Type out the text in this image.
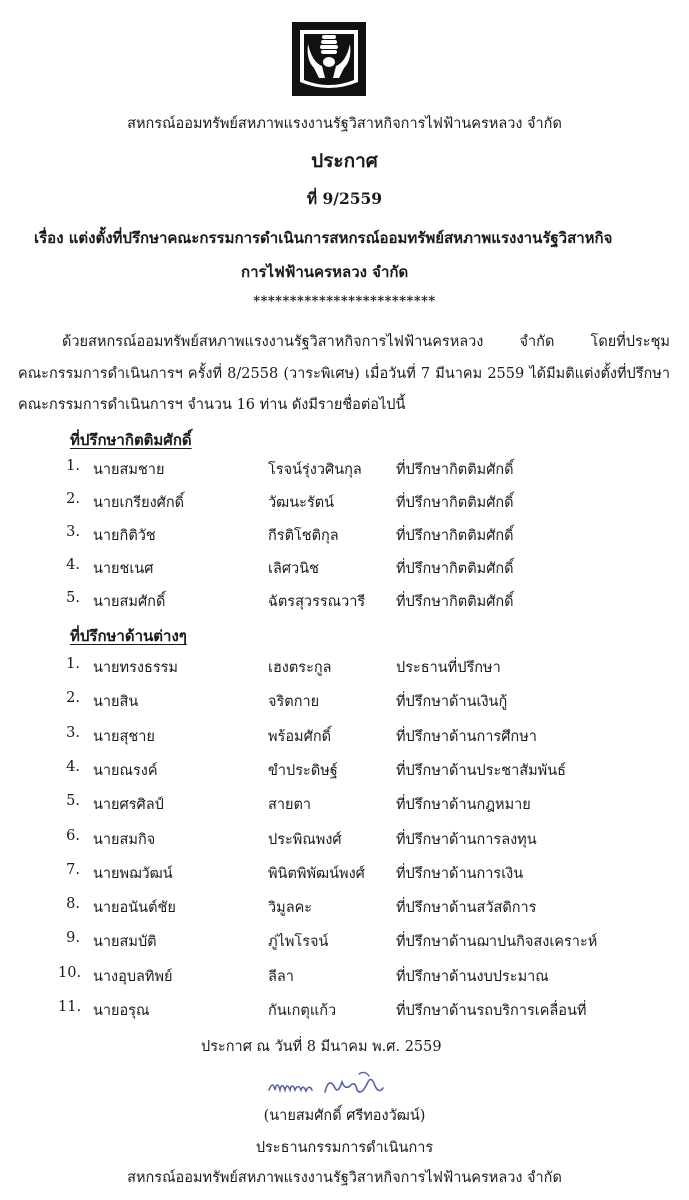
สหกรณ์ออมทรัพย์สหภาพแรงงานรัฐวิสาหกิจการไฟฟ้านครหลวง จำกัด
ประกาศ
ที่ 9/2559
เรื่อง แต่งตั้งที่ปรึกษาคณะกรรมการดำเนินการสหกรณ์ออมทรัพย์สหภาพแรงงานรัฐวิสาหกิจ
การไฟฟ้านครหลวง จำกัด
*************************
ด้วยสหกรณ์ออมทรัพย์สหภาพแรงงานรัฐวิสาหกิจการไฟฟ้านครหลวง จำกัด โดยที่ประชุม
คณะกรรมการดำเนินการฯ ครั้งที่ 8/2558 (วาระพิเศษ) เมื่อวันที่ 7 มีนาคม 2559 ได้มีมติแต่งตั้งที่ปรึกษา
คณะกรรมการดำเนินการฯ จำนวน 16 ท่าน ดังมีรายชื่อต่อไปนี้
ที่ปรึกษากิตติมศักดิ์
1. นายสมชาย	โรจน์รุ่งวศินกุล ที่ปรึกษากิตติมศักดิ์
2. นายเกรียงศักดิ์	วัฒนะรัตน์	ที่ปรึกษากิตติมศักดิ์
3. นายกิติวัช	กีรติโชติกุล	ที่ปรึกษากิตติมศักดิ์
4. นายชเนศ	เลิศวนิช	ที่ปรึกษากิตติมศักดิ์
5. นายสมศักดิ์	ฉัตรสุวรรณวารี ที่ปรึกษากิตติมศักดิ์
ที่ปรึกษาด้านต่างๆ
1. นายทรงธรรม	เฮงตระกูล	ประธานที่ปรึกษา
2. นายสิน	จริตกาย	ที่ปรึกษาด้านเงินกู้
3. นายสุชาย	พร้อมศักดิ์	ที่ปรึกษาด้านการศึกษา
4. นายณรงค์	ขำประดิษฐ์	ที่ปรึกษาด้านประชาสัมพันธ์
5. นายศรศิลป์	สายตา	ที่ปรึกษาด้านกฎหมาย
6. นายสมกิจ	ประพิณพงศ์	ที่ปรึกษาด้านการลงทุน
7. นายพฌวัฒน์	พินิตพิพัฒน์พงศ์ ที่ปรึกษาด้านการเงิน
8. นายอนันต์ชัย	วิมูลคะ	ที่ปรึกษาด้านสวัสดิการ
9. นายสมบัติ	ภู่ไพโรจน์	ที่ปรึกษาด้านฌาปนกิจสงเคราะห์
10. นางอุบลทิพย์	ลีลา	ที่ปรึกษาด้านงบประมาณ
11. นายอรุณ	กันเกตุแก้ว	ที่ปรึกษาด้านรถบริการเคลื่อนที่
ประกาศ ณ วันที่ 8 มีนาคม พ.ศ. 2559
(นายสมศักดิ์ ศรีทองวัฒน์)
ประธานกรรมการดำเนินการ
สหกรณ์ออมทรัพย์สหภาพแรงงานรัฐวิสาหกิจการไฟฟ้านครหลวง จำกัด
